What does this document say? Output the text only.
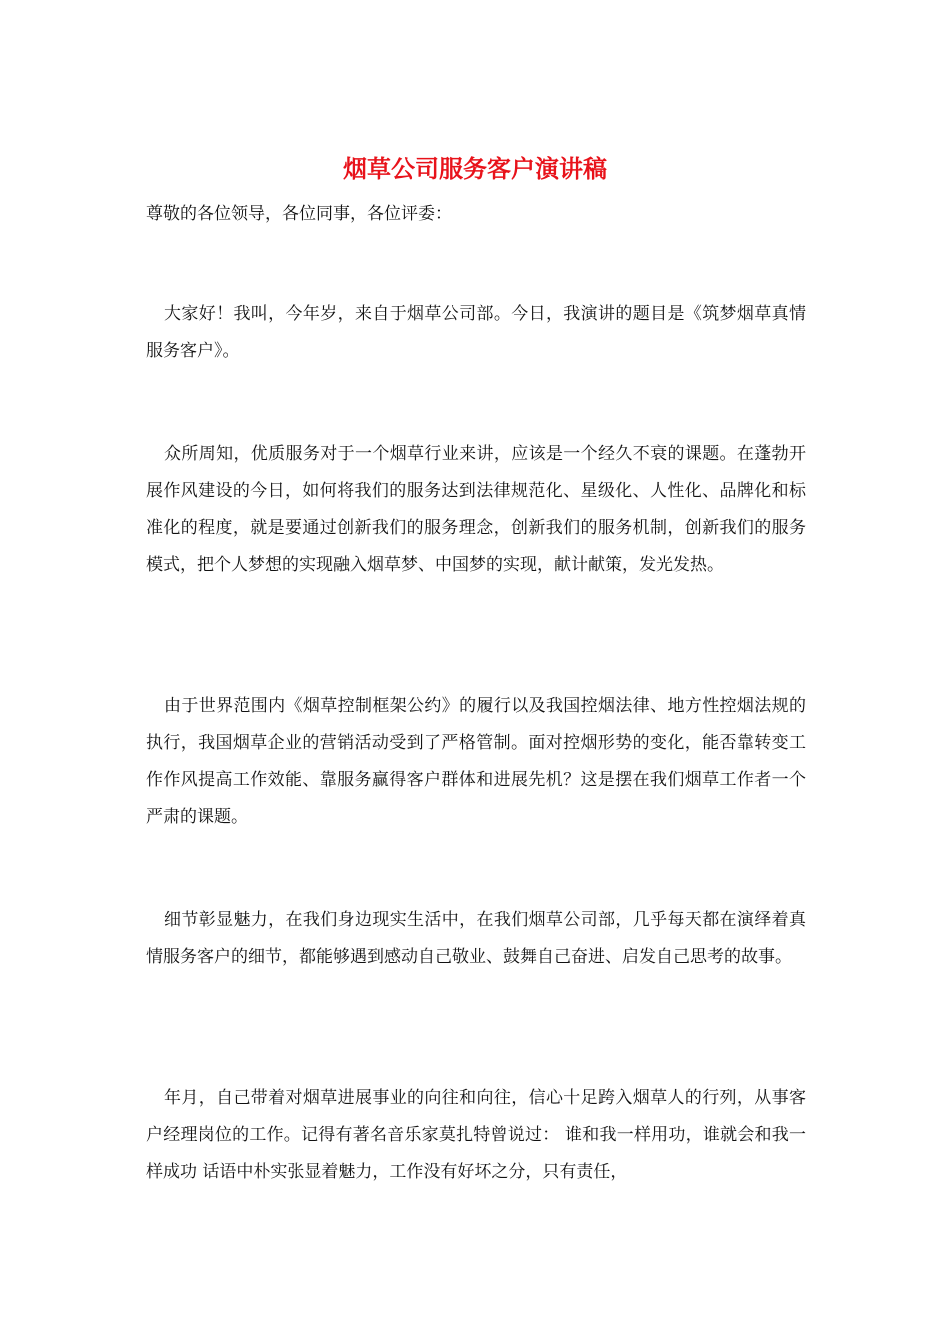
烟草公司服务客户演讲稿

尊敬的各位领导，各位同事，各位评委：

大家好！我叫，今年岁，来自于烟草公司部。今日，我演讲的题目是《筑梦烟草真情服务客户》。

众所周知，优质服务对于一个烟草行业来讲，应该是一个经久不衰的课题。在蓬勃开展作风建设的今日，如何将我们的服务达到法律规范化、星级化、人性化、品牌化和标准化的程度，就是要通过创新我们的服务理念，创新我们的服务机制，创新我们的服务模式，把个人梦想的实现融入烟草梦、中国梦的实现，献计献策，发光发热。

由于世界范围内《烟草控制框架公约》的履行以及我国控烟法律、地方性控烟法规的执行，我国烟草企业的营销活动受到了严格管制。面对控烟形势的变化，能否靠转变工作作风提高工作效能、靠服务赢得客户群体和进展先机？这是摆在我们烟草工作者一个严肃的课题。

细节彰显魅力，在我们身边现实生活中，在我们烟草公司部，几乎每天都在演绎着真情服务客户的细节，都能够遇到感动自己敬业、鼓舞自己奋进、启发自己思考的故事。

年月，自己带着对烟草进展事业的向往和向往，信心十足跨入烟草人的行列，从事客户经理岗位的工作。记得有著名音乐家莫扎特曾说过： 谁和我一样用功，谁就会和我一样成功 话语中朴实张显着魅力，工作没有好坏之分，只有责任，
